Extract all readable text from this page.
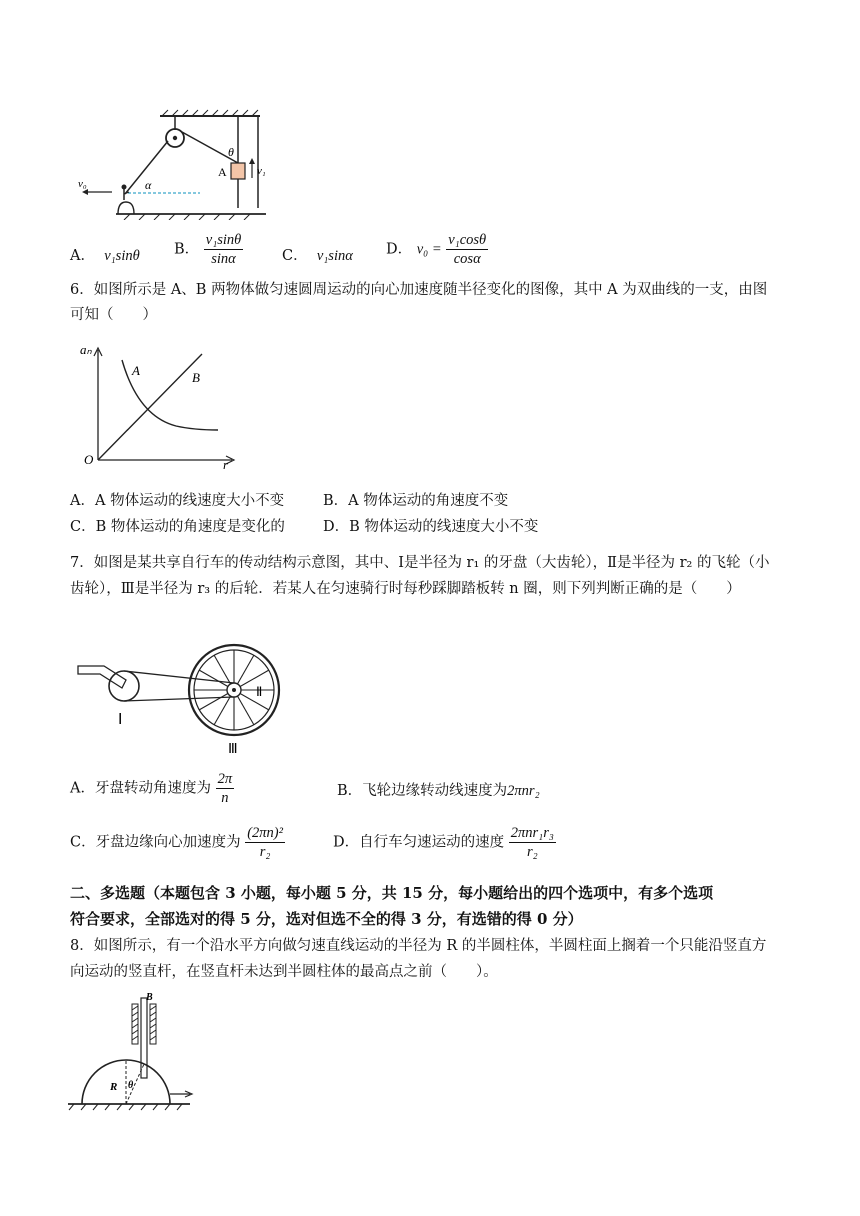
θ
A	v₁
v₀	α
A． v₁sinθ B． $\frac{\text{v₁sinθ}}{\sin\alpha}$	C． v₁sinα D． $v_0 = \frac{\text{v₁cosθ}}{\cos\alpha}$
6．如图所示是 A、B 两物体做匀速圆周运动的向心加速度随半径变化的图像，其中 A 为双曲线的一支，由图
可知（　　）
aₙ
A	B
O	r
A．A 物体运动的线速度大小不变	B．A 物体运动的角速度不变
C．B 物体运动的角速度是变化的	D．B 物体运动的线速度大小不变
7．如图是某共享自行车的传动结构示意图，其中、Ⅰ是半径为 r₁ 的牙盘（大齿轮），Ⅱ是半径为 r₂ 的飞轮（小
齿轮），Ⅲ是半径为 r₃ 的后轮．若某人在匀速骑行时每秒踩脚踏板转 n 圈，则下列判断正确的是（　　）
Ⅰ
Ⅱ
Ⅲ
A．牙盘转动角速度为 $\frac{2\pi}{n}$	B．飞轮边缘转动线速度为2πnr₂
C．牙盘边缘向心加速度为 $\frac{\text{(2πn)²}}{\text{r₂}}$	D．自行车匀速运动的速度 $\frac{\text{2πnr₁r₃}}{\text{r₂}}$
二、多选题（本题包含 3 小题，每小题 5 分，共 15 分，每小题给出的四个选项中，有多个选项
符合要求，全部选对的得 5 分，选对但选不全的得 3 分，有选错的得 0 分）
8．如图所示，有一个沿水平方向做匀速直线运动的半径为 R 的半圆柱体，半圆柱面上搁着一个只能沿竖直方
向运动的竖直杆，在竖直杆未达到半圆柱体的最高点之前（　　）。
B
R θ
